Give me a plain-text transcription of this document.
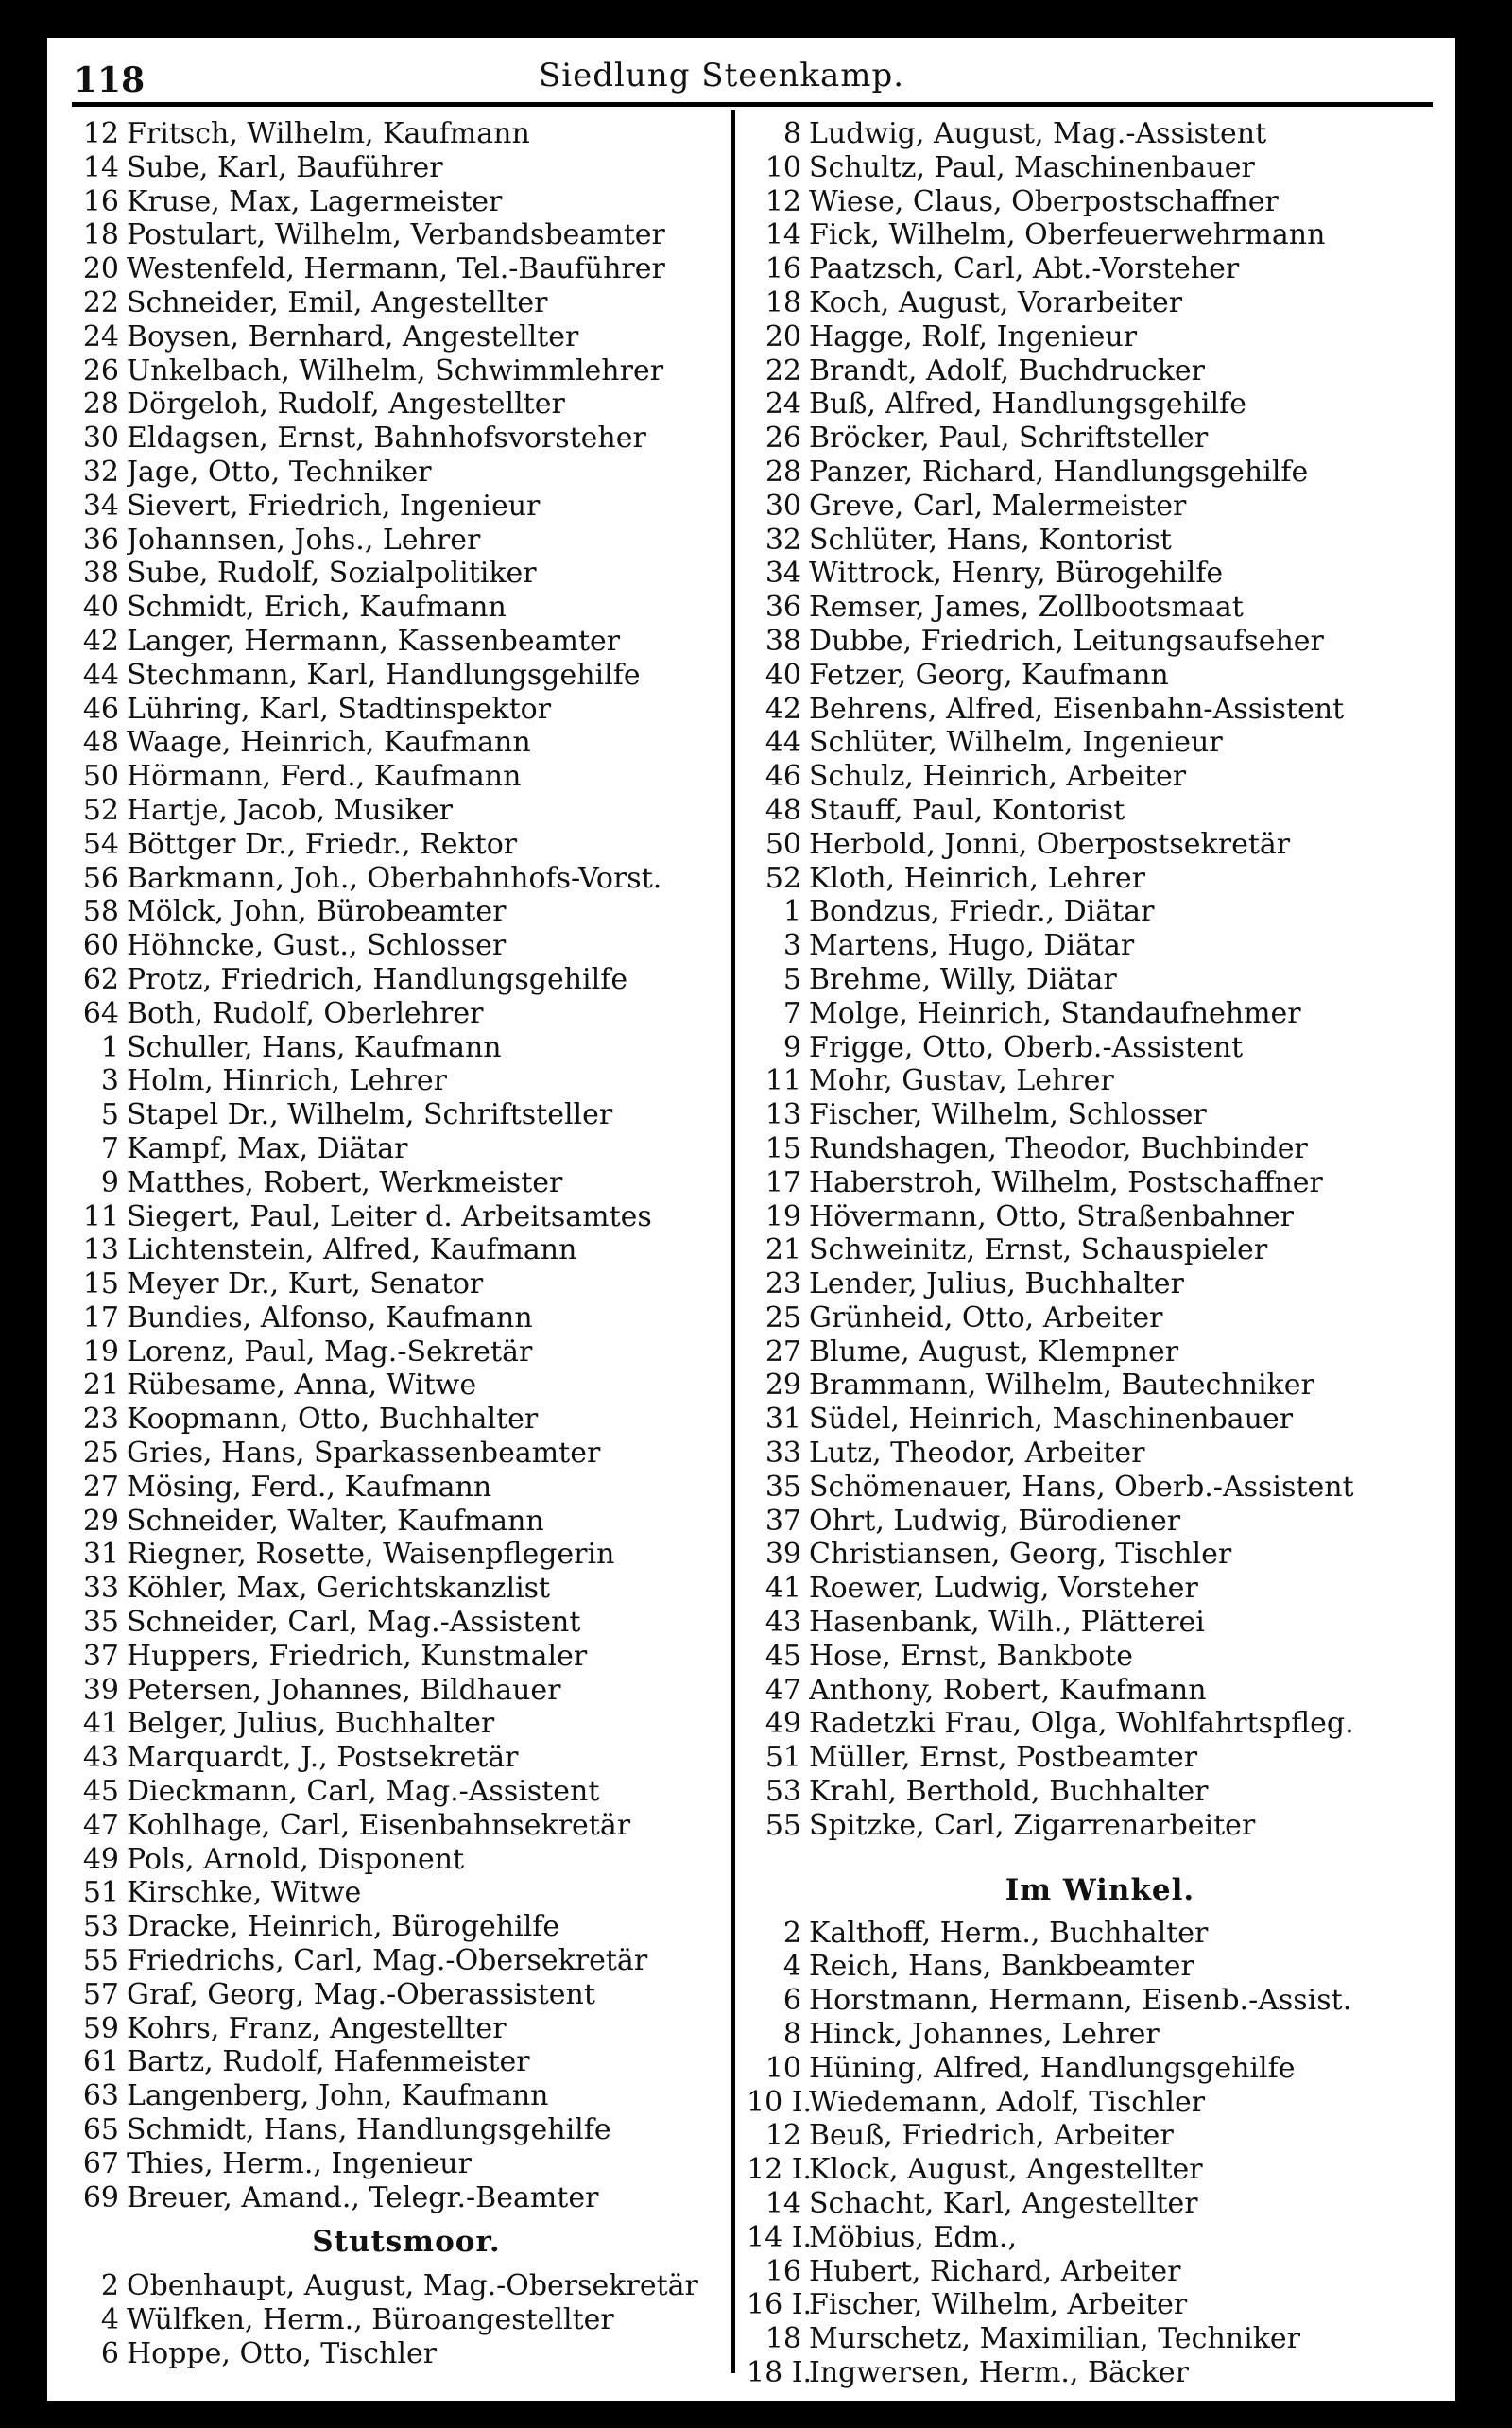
118	Siedlung Steenkamp.
12 Fritsch, Wilhelm, Kaufmann
14 Sube, Karl, Bauführer
16 Kruse, Max, Lagermeister
18 Postulart, Wilhelm, Verbandsbeamter
20 Westenfeld, Hermann, Tel.-Bauführer
22 Schneider, Emil, Angestellter
24 Boysen, Bernhard, Angestellter
26 Unkelbach, Wilhelm, Schwimmlehrer
28 Dörgeloh, Rudolf, Angestellter
30 Eldagsen, Ernst, Bahnhofsvorsteher
32 Jage, Otto, Techniker
34 Sievert, Friedrich, Ingenieur
36 Johannsen, Johs., Lehrer
38 Sube, Rudolf, Sozialpolitiker
40 Schmidt, Erich, Kaufmann
42 Langer, Hermann, Kassenbeamter
44 Stechmann, Karl, Handlungsgehilfe
46 Lühring, Karl, Stadtinspektor
48 Waage, Heinrich, Kaufmann
50 Hörmann, Ferd., Kaufmann
52 Hartje, Jacob, Musiker
54 Böttger Dr., Friedr., Rektor
56 Barkmann, Joh., Oberbahnhofs-Vorst.
58 Mölck, John, Bürobeamter
60 Höhncke, Gust., Schlosser
62 Protz, Friedrich, Handlungsgehilfe
64 Both, Rudolf, Oberlehrer
1 Schuller, Hans, Kaufmann
3 Holm, Hinrich, Lehrer
5 Stapel Dr., Wilhelm, Schriftsteller
7 Kampf, Max, Diätar
9 Matthes, Robert, Werkmeister
11 Siegert, Paul, Leiter d. Arbeitsamtes
13 Lichtenstein, Alfred, Kaufmann
15 Meyer Dr., Kurt, Senator
17 Bundies, Alfonso, Kaufmann
19 Lorenz, Paul, Mag.-Sekretär
21 Rübesame, Anna, Witwe
23 Koopmann, Otto, Buchhalter
25 Gries, Hans, Sparkassenbeamter
27 Mösing, Ferd., Kaufmann
29 Schneider, Walter, Kaufmann
31 Riegner, Rosette, Waisenpflegerin
33 Köhler, Max, Gerichtskanzlist
35 Schneider, Carl, Mag.-Assistent
37 Huppers, Friedrich, Kunstmaler
39 Petersen, Johannes, Bildhauer
41 Belger, Julius, Buchhalter
43 Marquardt, J., Postsekretär
45 Dieckmann, Carl, Mag.-Assistent
47 Kohlhage, Carl, Eisenbahnsekretär
49 Pols, Arnold, Disponent
51 Kirschke, Witwe
53 Dracke, Heinrich, Bürogehilfe
55 Friedrichs, Carl, Mag.-Obersekretär
57 Graf, Georg, Mag.-Oberassistent
59 Kohrs, Franz, Angestellter
61 Bartz, Rudolf, Hafenmeister
63 Langenberg, John, Kaufmann
65 Schmidt, Hans, Handlungsgehilfe
67 Thies, Herm., Ingenieur
69 Breuer, Amand., Telegr.-Beamter
Stutsmoor.
2 Obenhaupt, August, Mag.-Obersekretär
4 Wülfken, Herm., Büroangestellter
6 Hoppe, Otto, Tischler
8 Ludwig, August, Mag.-Assistent
10 Schultz, Paul, Maschinenbauer
12 Wiese, Claus, Oberpostschaffner
14 Fick, Wilhelm, Oberfeuerwehrmann
16 Paatzsch, Carl, Abt.-Vorsteher
18 Koch, August, Vorarbeiter
20 Hagge, Rolf, Ingenieur
22 Brandt, Adolf, Buchdrucker
24 Buß, Alfred, Handlungsgehilfe
26 Bröcker, Paul, Schriftsteller
28 Panzer, Richard, Handlungsgehilfe
30 Greve, Carl, Malermeister
32 Schlüter, Hans, Kontorist
34 Wittrock, Henry, Bürogehilfe
36 Remser, James, Zollbootsmaat
38 Dubbe, Friedrich, Leitungsaufseher
40 Fetzer, Georg, Kaufmann
42 Behrens, Alfred, Eisenbahn-Assistent
44 Schlüter, Wilhelm, Ingenieur
46 Schulz, Heinrich, Arbeiter
48 Stauff, Paul, Kontorist
50 Herbold, Jonni, Oberpostsekretär
52 Kloth, Heinrich, Lehrer
1 Bondzus, Friedr., Diätar
3 Martens, Hugo, Diätar
5 Brehme, Willy, Diätar
7 Molge, Heinrich, Standaufnehmer
9 Frigge, Otto, Oberb.-Assistent
11 Mohr, Gustav, Lehrer
13 Fischer, Wilhelm, Schlosser
15 Rundshagen, Theodor, Buchbinder
17 Haberstroh, Wilhelm, Postschaffner
19 Hövermann, Otto, Straßenbahner
21 Schweinitz, Ernst, Schauspieler
23 Lender, Julius, Buchhalter
25 Grünheid, Otto, Arbeiter
27 Blume, August, Klempner
29 Brammann, Wilhelm, Bautechniker
31 Südel, Heinrich, Maschinenbauer
33 Lutz, Theodor, Arbeiter
35 Schömenauer, Hans, Oberb.-Assistent
37 Ohrt, Ludwig, Bürodiener
39 Christiansen, Georg, Tischler
41 Roewer, Ludwig, Vorsteher
43 Hasenbank, Wilh., Plätterei
45 Hose, Ernst, Bankbote
47 Anthony, Robert, Kaufmann
49 Radetzki Frau, Olga, Wohlfahrtspfleg.
51 Müller, Ernst, Postbeamter
53 Krahl, Berthold, Buchhalter
55 Spitzke, Carl, Zigarrenarbeiter
Im Winkel.
2 Kalthoff, Herm., Buchhalter
4 Reich, Hans, Bankbeamter
6 Horstmann, Hermann, Eisenb.-Assist.
8 Hinck, Johannes, Lehrer
10 Hüning, Alfred, Handlungsgehilfe
10 I.
Wiedemann, Adolf, Tischler
12 Beuß, Friedrich, Arbeiter
12 I.
Klock, August, Angestellter
14 Schacht, Karl, Angestellter
14 I.
Möbius, Edm.,
16 Hubert, Richard, Arbeiter
16 I.
Fischer, Wilhelm, Arbeiter
18 Murschetz, Maximilian, Techniker
18 I.
Ingwersen, Herm., Bäcker
